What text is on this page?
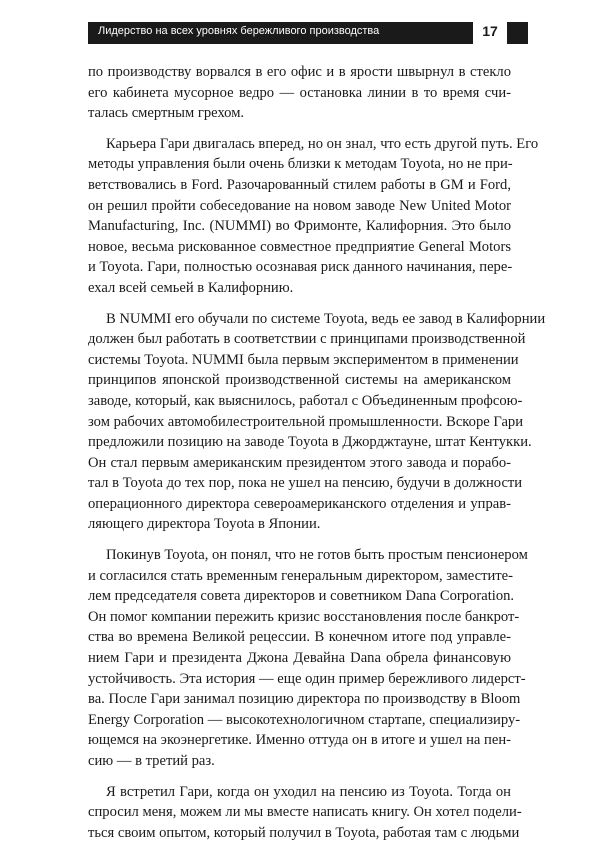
Лидерство на всех уровнях бережливого производства	17
по производству ворвался в его офис и в ярости швырнул в стекло
его кабинета мусорное ведро — остановка линии в то время счи-
талась смертным грехом.
Карьера Гари двигалась вперед, но он знал, что есть другой путь. Его
методы управления были очень близки к методам Toyota, но не при-
ветствовались в Ford. Разочарованный стилем работы в GM и Ford,
он решил пройти собеседование на новом заводе New United Motor
Manufacturing, Inc. (NUMMI) во Фримонте, Калифорния. Это было
новое, весьма рискованное совместное предприятие General Motors
и Toyota. Гари, полностью осознавая риск данного начинания, пере-
ехал всей семьей в Калифорнию.
В NUMMI его обучали по системе Toyota, ведь ее завод в Калифорнии
должен был работать в соответствии с принципами производственной
системы Toyota. NUMMI была первым экспериментом в применении
принципов японской производственной системы на американском
заводе, который, как выяснилось, работал с Объединенным профсою-
зом рабочих автомобилестроительной промышленности. Вскоре Гари
предложили позицию на заводе Toyota в Джорджтауне, штат Кентукки.
Он стал первым американским президентом этого завода и порабо-
тал в Toyota до тех пор, пока не ушел на пенсию, будучи в должности
операционного директора североамериканского отделения и управ-
ляющего директора Toyota в Японии.
Покинув Toyota, он понял, что не готов быть простым пенсионером
и согласился стать временным генеральным директором, заместите-
лем председателя совета директоров и советником Dana Corporation.
Он помог компании пережить кризис восстановления после банкрот-
ства во времена Великой рецессии. В конечном итоге под управле-
нием Гари и президента Джона Девайна Dana обрела финансовую
устойчивость. Эта история — еще один пример бережливого лидерст-
ва. После Гари занимал позицию директора по производству в Bloom
Energy Corporation — высокотехнологичном стартапе, специализиру-
ющемся на экоэнергетике. Именно оттуда он в итоге и ушел на пен-
сию — в третий раз.
Я встретил Гари, когда он уходил на пенсию из Toyota. Тогда он
спросил меня, можем ли мы вместе написать книгу. Он хотел подели-
ться своим опытом, который получил в Toyota, работая там с людьми
